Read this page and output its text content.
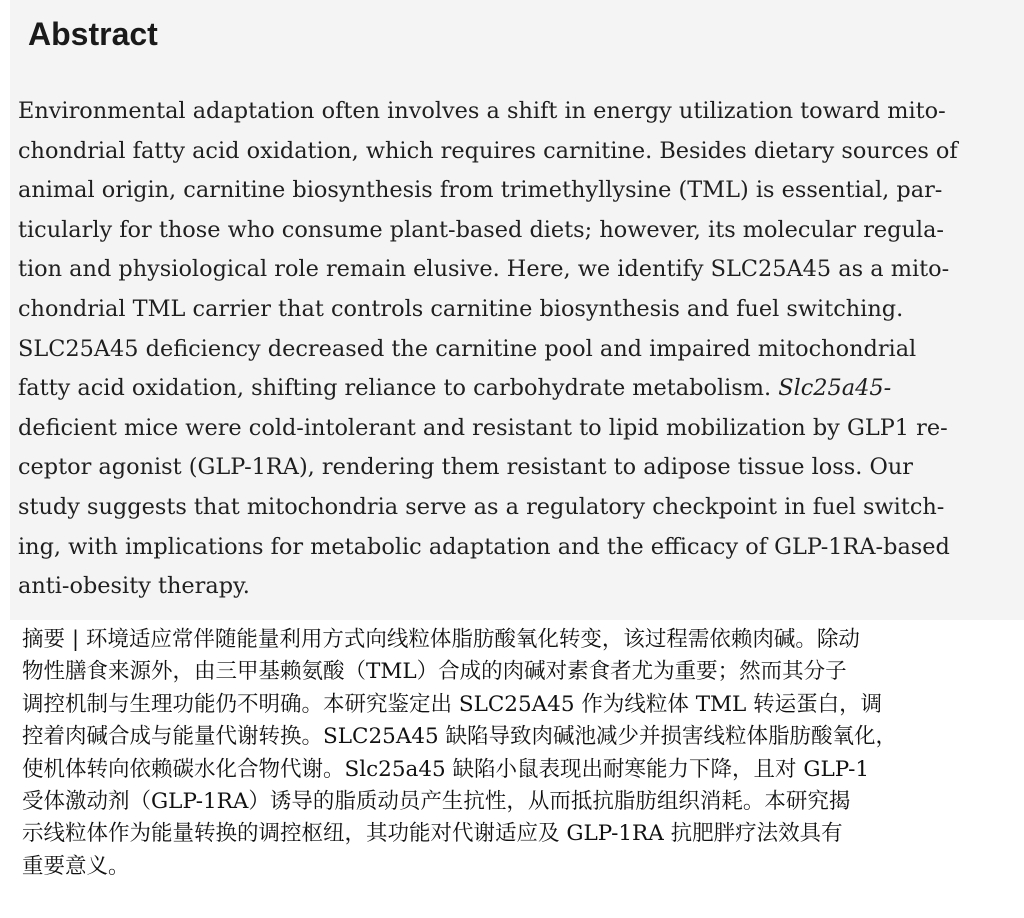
Abstract
Environmental adaptation often involves a shift in energy utilization toward mito-
chondrial fatty acid oxidation, which requires carnitine. Besides dietary sources of
animal origin, carnitine biosynthesis from trimethyllysine (TML) is essential, par-
ticularly for those who consume plant-based diets; however, its molecular regula-
tion and physiological role remain elusive. Here, we identify SLC25A45 as a mito-
chondrial TML carrier that controls carnitine biosynthesis and fuel switching.
SLC25A45 deficiency decreased the carnitine pool and impaired mitochondrial
fatty acid oxidation, shifting reliance to carbohydrate metabolism. Slc25a45-
deficient mice were cold-intolerant and resistant to lipid mobilization by GLP1 re-
ceptor agonist (GLP-1RA), rendering them resistant to adipose tissue loss. Our
study suggests that mitochondria serve as a regulatory checkpoint in fuel switch-
ing, with implications for metabolic adaptation and the efficacy of GLP-1RA-based
anti-obesity therapy.
摘要 | 环境适应常伴随能量利用方式向线粒体脂肪酸氧化转变，该过程需依赖肉碱。除动
物性膳食来源外，由三甲基赖氨酸（TML）合成的肉碱对素食者尤为重要；然而其分子
调控机制与生理功能仍不明确。本研究鉴定出 SLC25A45 作为线粒体 TML 转运蛋白，调
控着肉碱合成与能量代谢转换。SLC25A45 缺陷导致肉碱池减少并损害线粒体脂肪酸氧化，
使机体转向依赖碳水化合物代谢。Slc25a45 缺陷小鼠表现出耐寒能力下降，且对 GLP-1
受体激动剂（GLP-1RA）诱导的脂质动员产生抗性，从而抵抗脂肪组织消耗。本研究揭
示线粒体作为能量转换的调控枢纽，其功能对代谢适应及 GLP-1RA 抗肥胖疗法效具有
重要意义。
